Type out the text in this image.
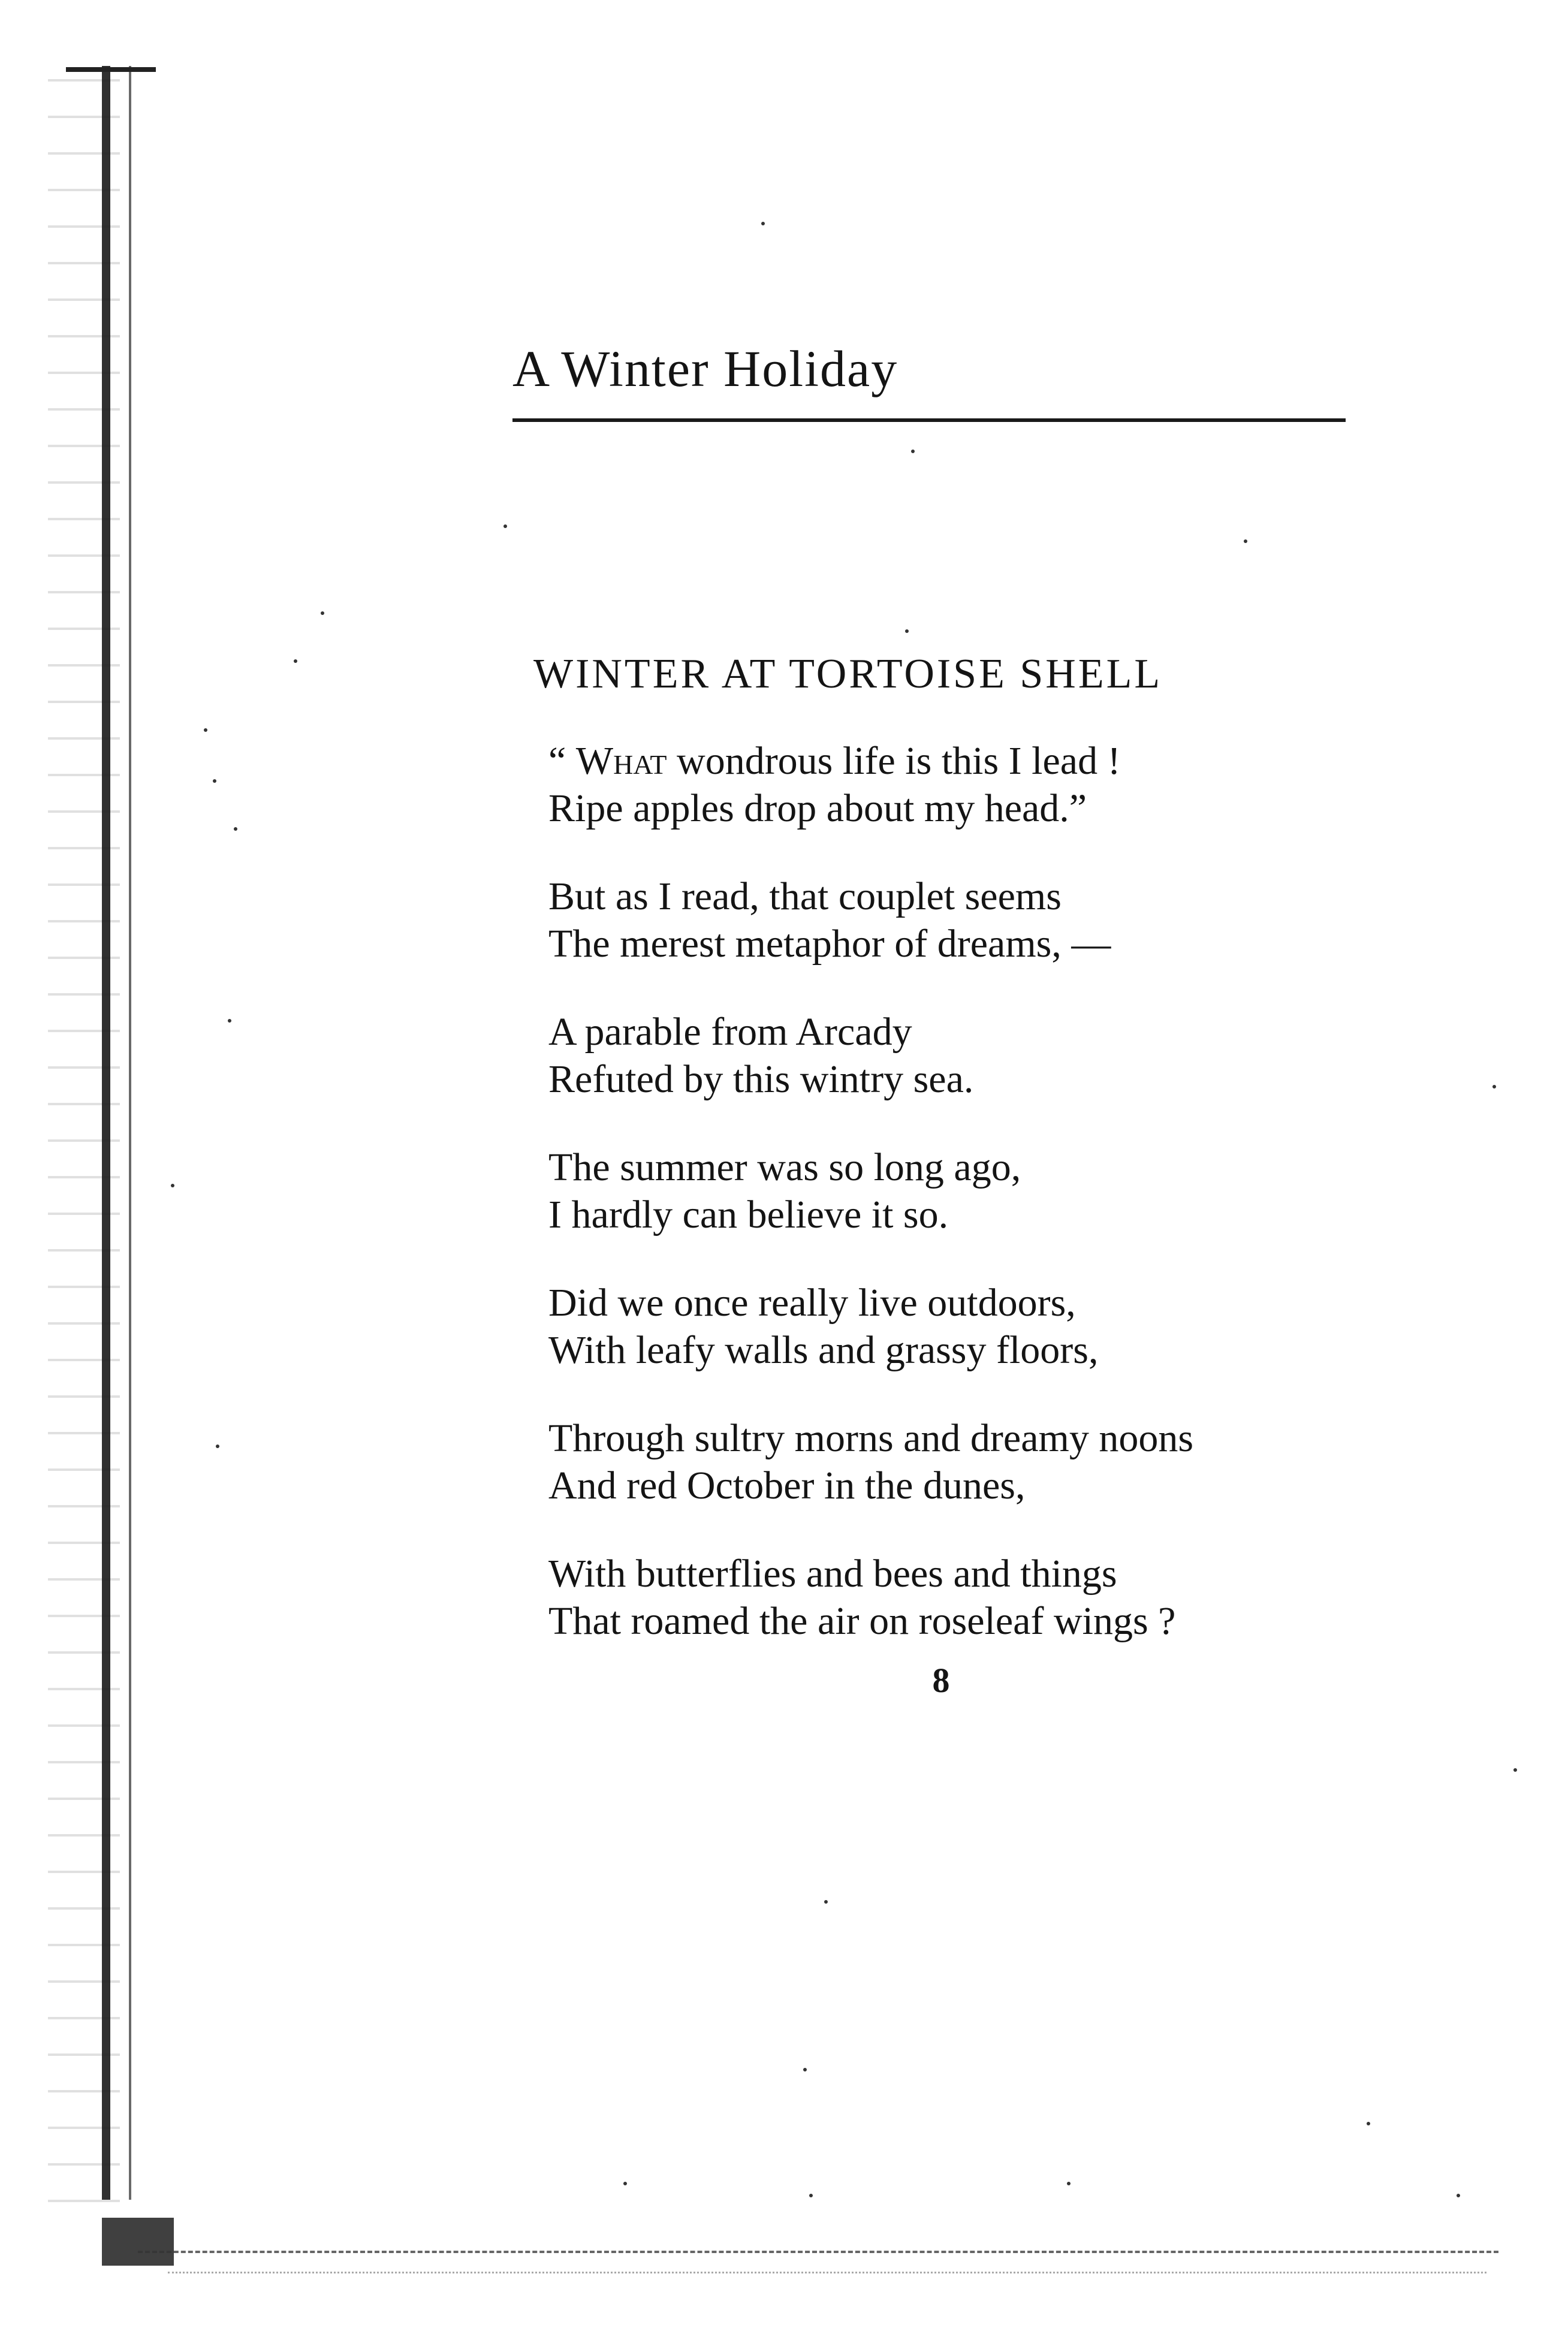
A Winter Holiday
WINTER AT TORTOISE SHELL
“ What wondrous life is this I lead !
Ripe apples drop about my head.”
But as I read, that couplet seems
The merest metaphor of dreams, —
A parable from Arcady
Refuted by this wintry sea.
The summer was so long ago,
I hardly can believe it so.
Did we once really live outdoors,
With leafy walls and grassy floors,
Through sultry morns and dreamy noons
And red October in the dunes,
With butterflies and bees and things
That roamed the air on roseleaf wings ?
8
